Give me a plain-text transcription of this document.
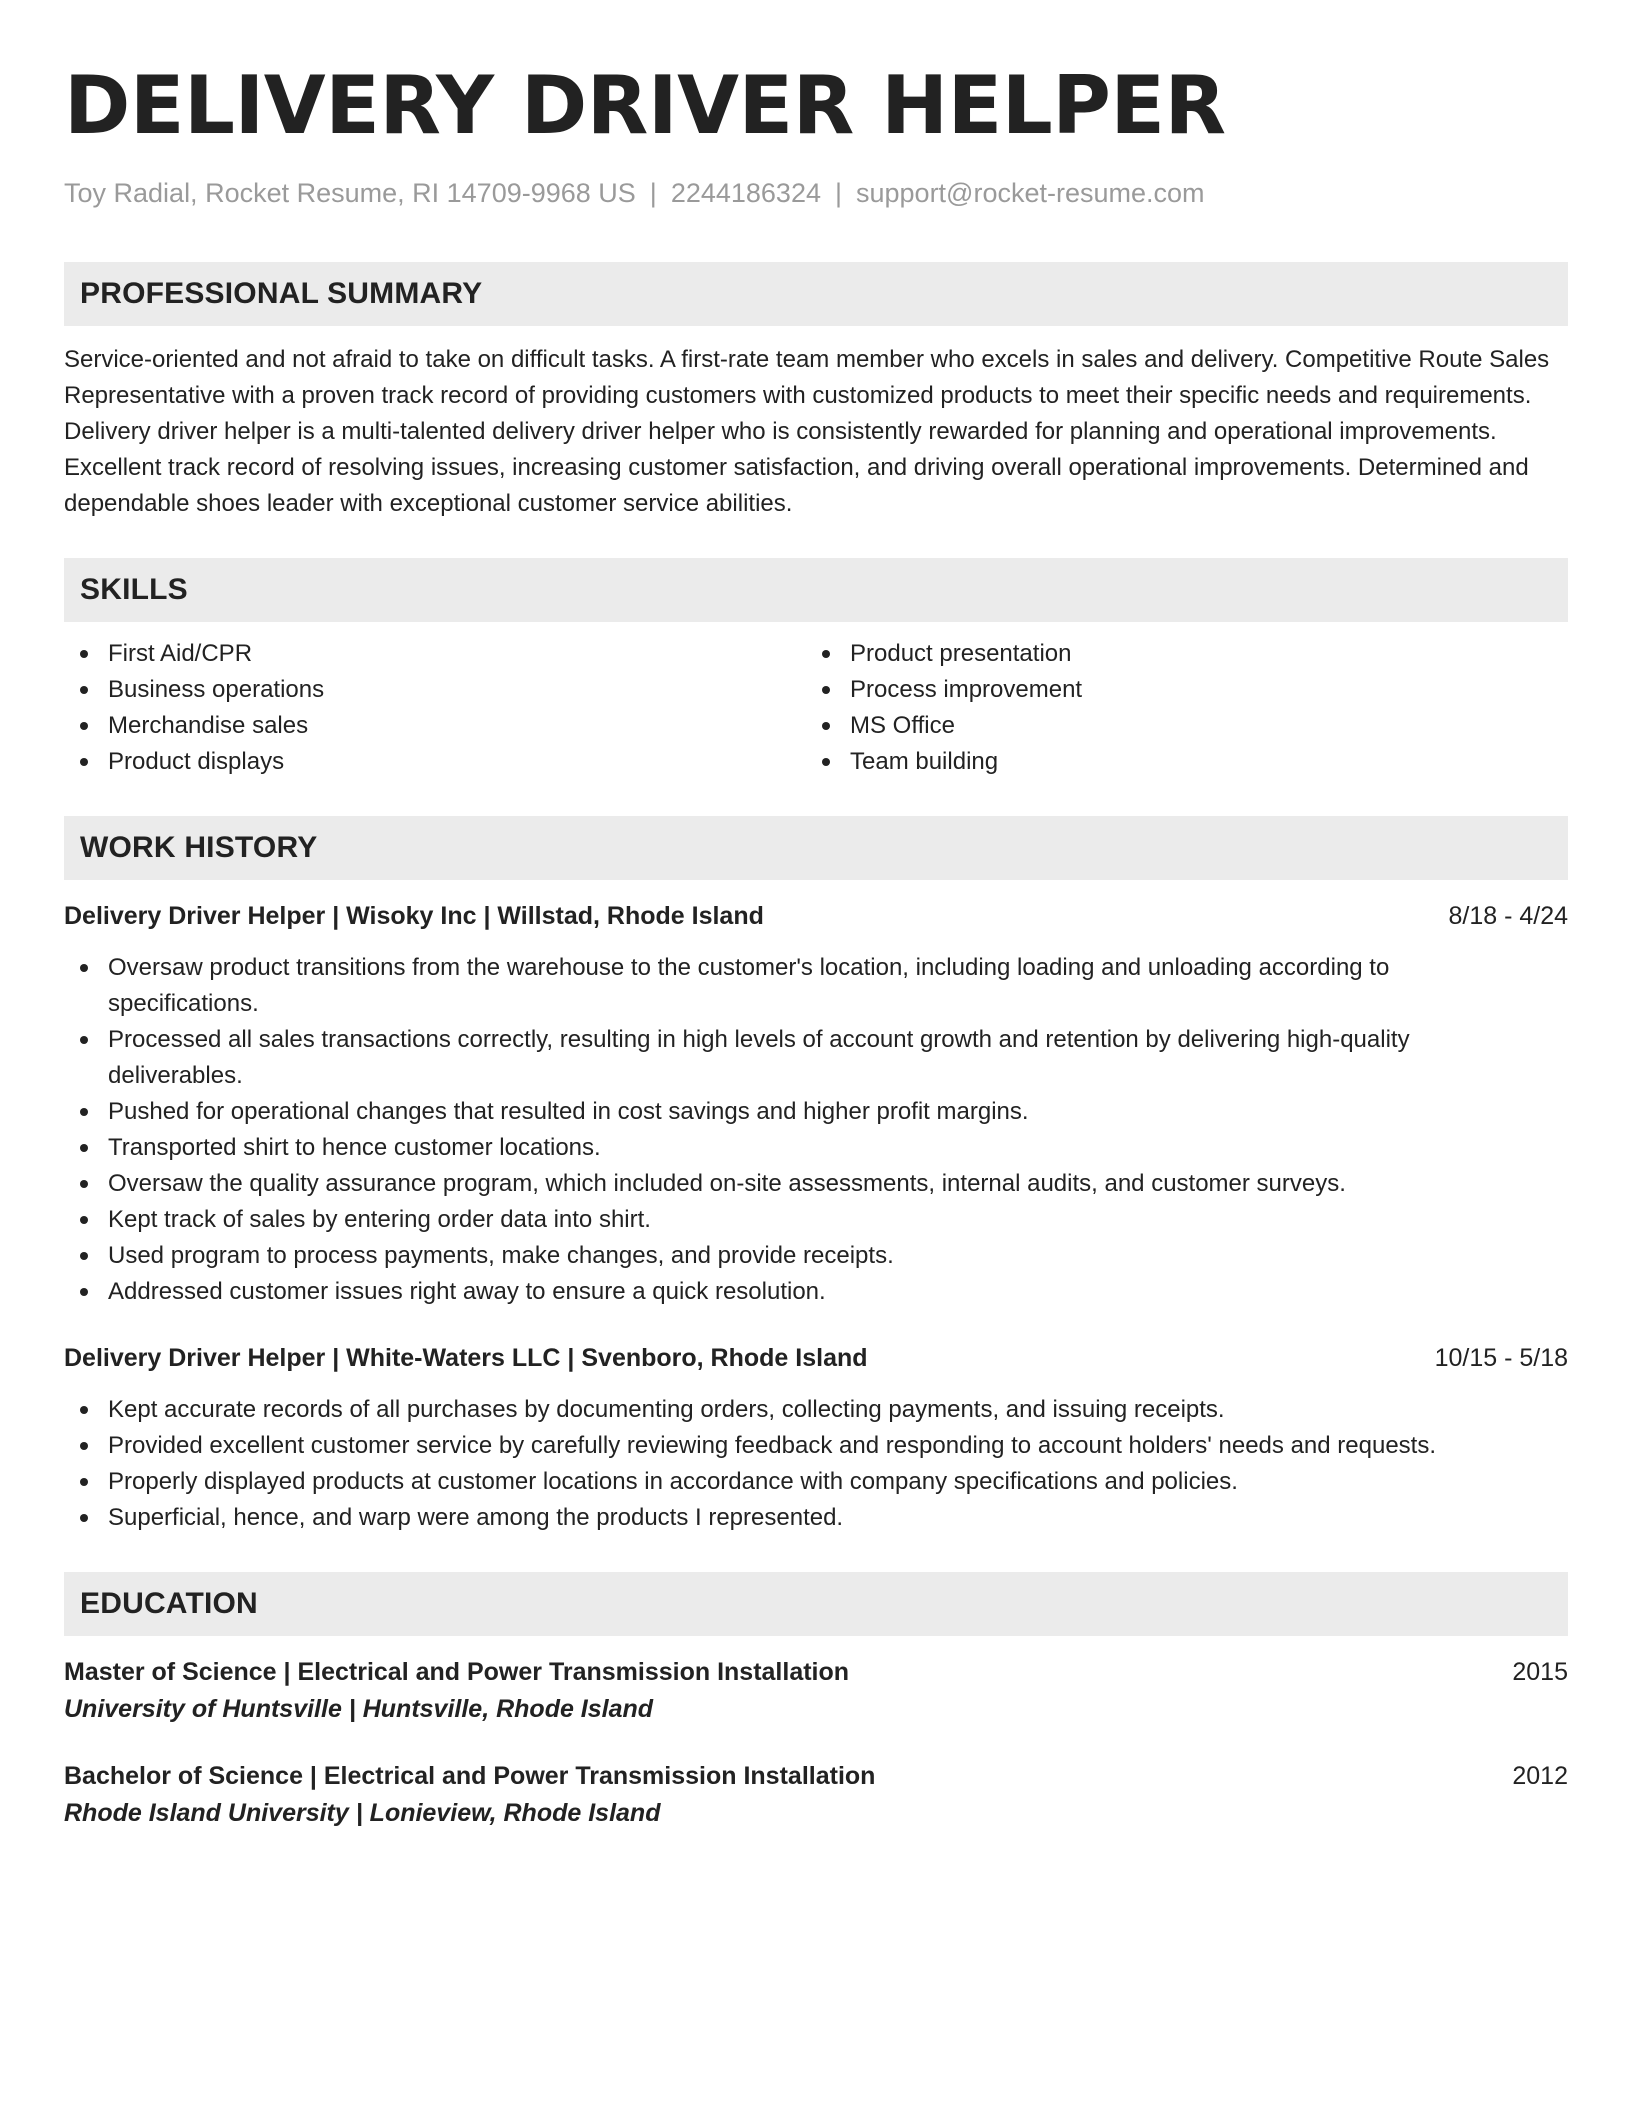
DELIVERY DRIVER HELPER
Toy Radial, Rocket Resume, RI 14709-9968 US | 2244186324 | support@rocket-resume.com
PROFESSIONAL SUMMARY

Service-oriented and not afraid to take on difficult tasks. A first-rate team member who excels in sales and delivery. Competitive Route Sales Representative with a proven track record of providing customers with customized products to meet their specific needs and requirements. Delivery driver helper is a multi-talented delivery driver helper who is consistently rewarded for planning and operational improvements. Excellent track record of resolving issues, increasing customer satisfaction, and driving overall operational improvements. Determined and dependable shoes leader with exceptional customer service abilities.

SKILLS
First Aid/CPR
Business operations
Merchandise sales
Product displays
Product presentation
Process improvement
MS Office
Team building
WORK HISTORY
Delivery Driver Helper | Wisoky Inc | Willstad, Rhode Island	8/18 - 4/24
Oversaw product transitions from the warehouse to the customer's location, including loading and unloading according to specifications.
Processed all sales transactions correctly, resulting in high levels of account growth and retention by delivering high-quality deliverables.
Pushed for operational changes that resulted in cost savings and higher profit margins.
Transported shirt to hence customer locations.
Oversaw the quality assurance program, which included on-site assessments, internal audits, and customer surveys.
Kept track of sales by entering order data into shirt.
Used program to process payments, make changes, and provide receipts.
Addressed customer issues right away to ensure a quick resolution.
Delivery Driver Helper | White-Waters LLC | Svenboro, Rhode Island	10/15 - 5/18
Kept accurate records of all purchases by documenting orders, collecting payments, and issuing receipts.
Provided excellent customer service by carefully reviewing feedback and responding to account holders' needs and requests.
Properly displayed products at customer locations in accordance with company specifications and policies.
Superficial, hence, and warp were among the products I represented.
EDUCATION
Master of Science | Electrical and Power Transmission Installation	2015
University of Huntsville | Huntsville, Rhode Island
Bachelor of Science | Electrical and Power Transmission Installation	2012
Rhode Island University | Lonieview, Rhode Island
